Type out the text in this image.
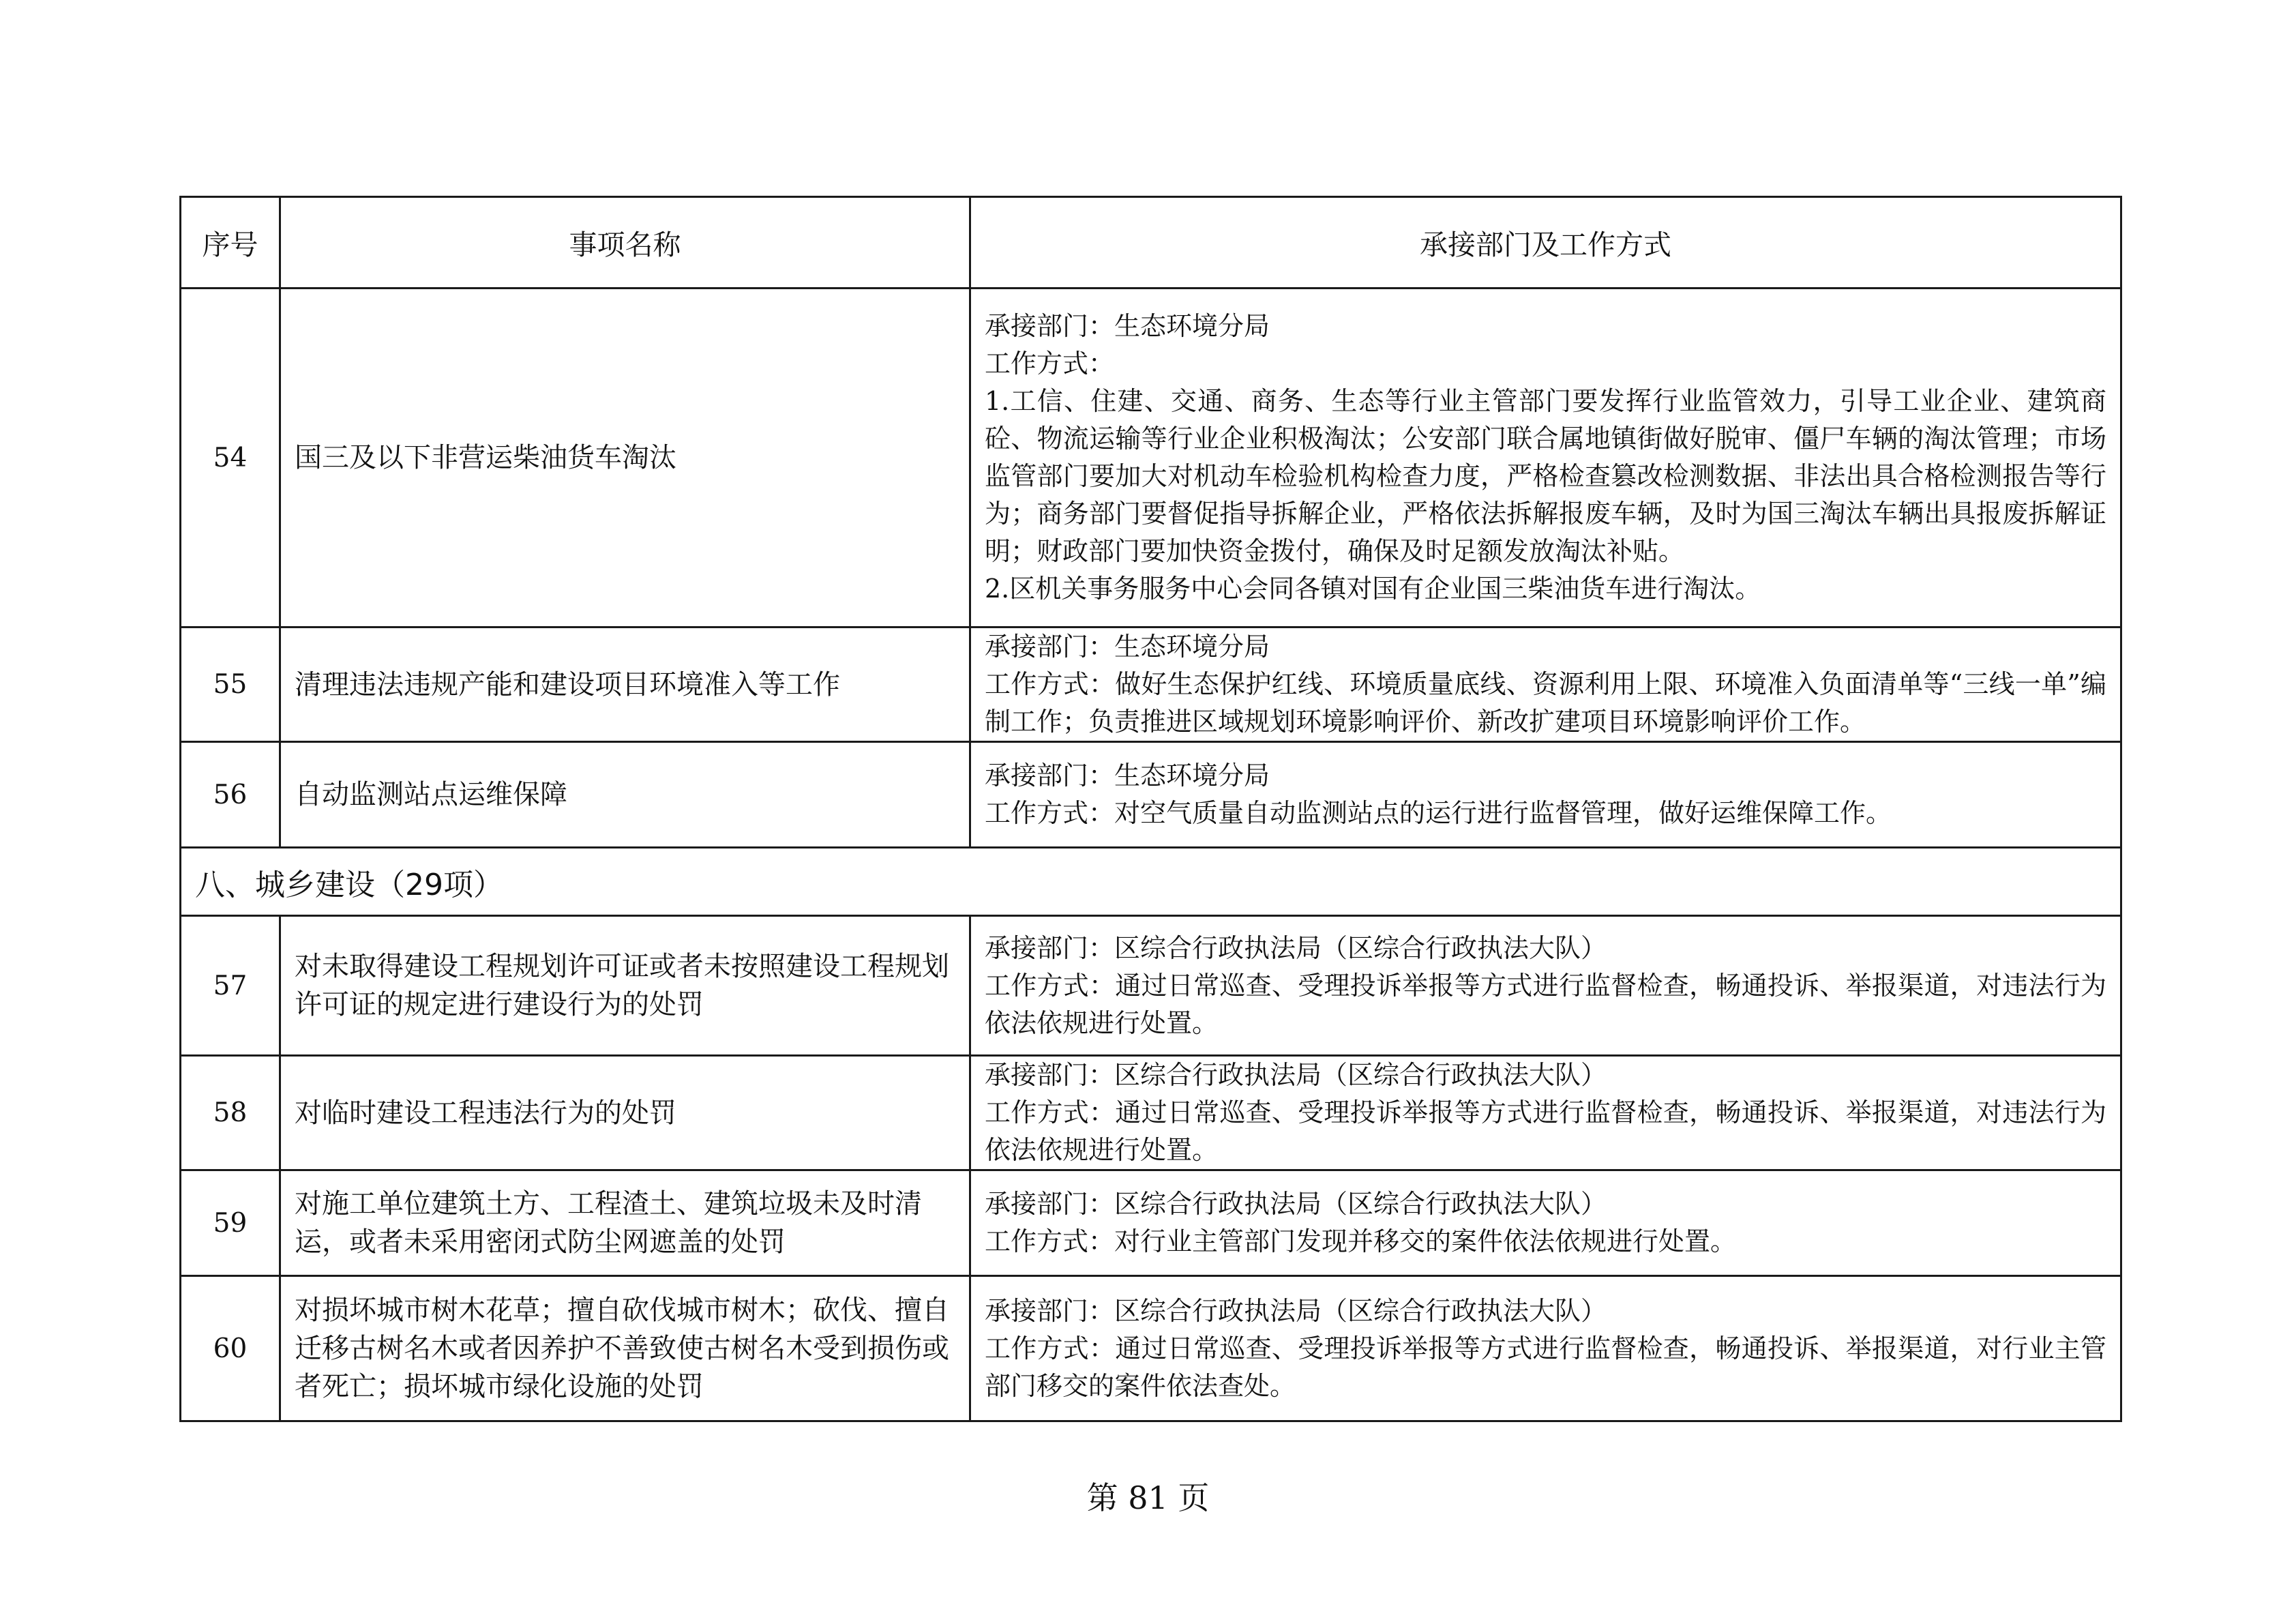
序号	事项名称	承接部门及工作方式
54	国三及以下非营运柴油货车淘汰	承接部门：生态环境分局
工作方式：
1.工信、住建、交通、商务、生态等行业主管部门要发挥行业监管效力，引导工业企业、建筑商砼、物流运输等行业企业积极淘汰；公安部门联合属地镇街做好脱审、僵尸车辆的淘汰管理；市场监管部门要加大对机动车检验机构检查力度，严格检查篡改检测数据、非法出具合格检测报告等行为；商务部门要督促指导拆解企业，严格依法拆解报废车辆，及时为国三淘汰车辆出具报废拆解证明；财政部门要加快资金拨付，确保及时足额发放淘汰补贴。
2.区机关事务服务中心会同各镇对国有企业国三柴油货车进行淘汰。

55	清理违法违规产能和建设项目环境准入等工作	承接部门：生态环境分局
工作方式：做好生态保护红线、环境质量底线、资源利用上限、环境准入负面清单等“三线一单”编制工作；负责推进区域规划环境影响评价、新改扩建项目环境影响评价工作。

56	自动监测站点运维保障	承接部门：生态环境分局
工作方式：对空气质量自动监测站点的运行进行监督管理，做好运维保障工作。

八、城乡建设（29项）		
57	对未取得建设工程规划许可证或者未按照建设工程规划许可证的规定进行建设行为的处罚	承接部门：区综合行政执法局（区综合行政执法大队）
工作方式：通过日常巡查、受理投诉举报等方式进行监督检查，畅通投诉、举报渠道，对违法行为依法依规进行处置。

58	对临时建设工程违法行为的处罚	承接部门：区综合行政执法局（区综合行政执法大队）
工作方式：通过日常巡查、受理投诉举报等方式进行监督检查，畅通投诉、举报渠道，对违法行为依法依规进行处置。

59	对施工单位建筑土方、工程渣土、建筑垃圾未及时清运，或者未采用密闭式防尘网遮盖的处罚	承接部门：区综合行政执法局（区综合行政执法大队）
工作方式：对行业主管部门发现并移交的案件依法依规进行处置。

60	对损坏城市树木花草；擅自砍伐城市树木；砍伐、擅自迁移古树名木或者因养护不善致使古树名木受到损伤或者死亡；损坏城市绿化设施的处罚	承接部门：区综合行政执法局（区综合行政执法大队）
工作方式：通过日常巡查、受理投诉举报等方式进行监督检查，畅通投诉、举报渠道，对行业主管部门移交的案件依法查处。
第 81 页
